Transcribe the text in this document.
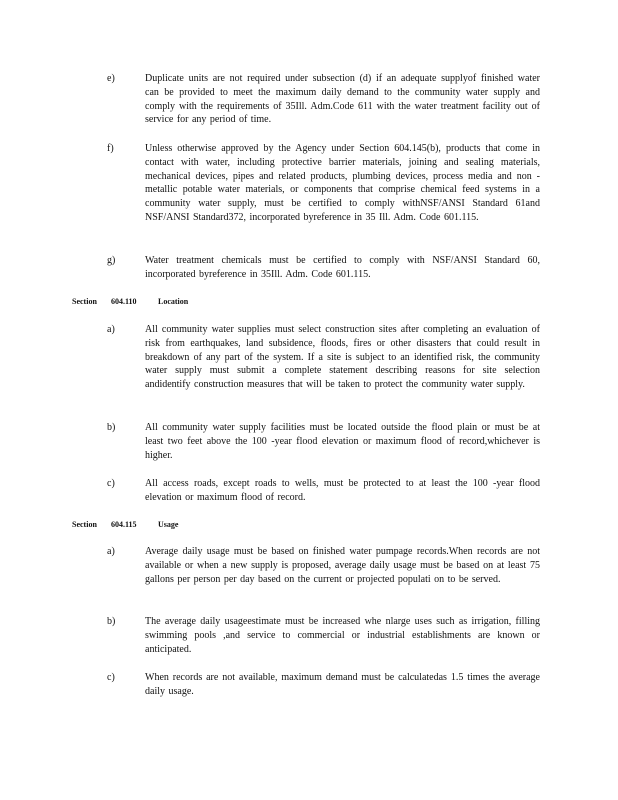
e)	Duplicate units are not required under subsection (d) if an adequate supplyof finished water can be provided to meet the maximum daily demand to the community water supply and comply with the requirements of 35Ill. Adm.Code 611 with the water treatment facility out of service for any period of time.

f)	Unless otherwise approved by the Agency under Section 604.145(b), products that come in contact with water, including protective barrier materials, joining and sealing materials, mechanical devices, pipes and related products, plumbing devices, process media and non -metallic potable water materials, or components that comprise chemical feed systems in a community water supply, must be certified to comply withNSF/ANSI Standard 61and NSF/ANSI Standard372, incorporated byreference in 35 Ill. Adm. Code 601.115.

g)	Water treatment chemicals must be certified to comply with NSF/ANSI Standard 60, incorporated byreference in 35Ill. Adm. Code 601.115.

Section 604.110	Location
a)	All community water supplies must select construction sites after completing an evaluation of risk from earthquakes, land subsidence, floods, fires or other disasters that could result in breakdown of any part of the system. If a site is subject to an identified risk, the community water supply must submit a complete statement describing reasons for site selection andidentify construction measures that will be taken to protect the community water supply.

b)	All community water supply facilities must be located outside the flood plain or must be at least two feet above the 100 -year flood elevation or maximum flood of record,whichever is higher.

c)	All access roads, except roads to wells, must be protected to at least the 100 -year flood elevation or maximum flood of record.

Section 604.115	Usage
a)	Average daily usage must be based on finished water pumpage records.When records are not available or when a new supply is proposed, average daily usage must be based on at least 75 gallons per person per day based on the current or projected populati on to be served.

b)	The average daily usageestimate must be increased whe nlarge uses such as irrigation, filling swimming pools ,and service to commercial or industrial establishments are known or anticipated.

c)	When records are not available, maximum demand must be calculatedas 1.5 times the average daily usage.
